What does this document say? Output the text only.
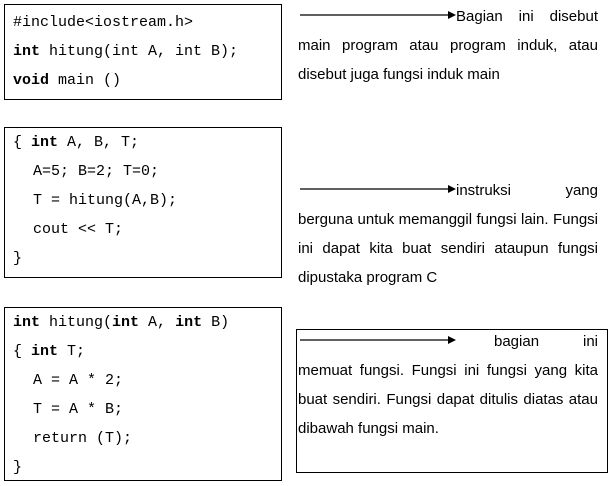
#include<iostream.h>
int hitung(int A, int B);
void main ()
{ int A, B, T;
A=5; B=2; T=0;
T = hitung(A,B);
cout << T;
}
int hitung(int A, int B)
{ int T;
A = A * 2;
T = A * B;
return (T);
}
Bagian ini disebut
main program atau program induk, atau disebut juga fungsi induk main
instruksi yang
berguna untuk memanggil fungsi lain. Fungsi ini dapat kita buat sendiri ataupun fungsi dipustaka program C
bagian ini
memuat fungsi. Fungsi ini fungsi yang kita buat sendiri. Fungsi dapat ditulis diatas atau dibawah fungsi main.
